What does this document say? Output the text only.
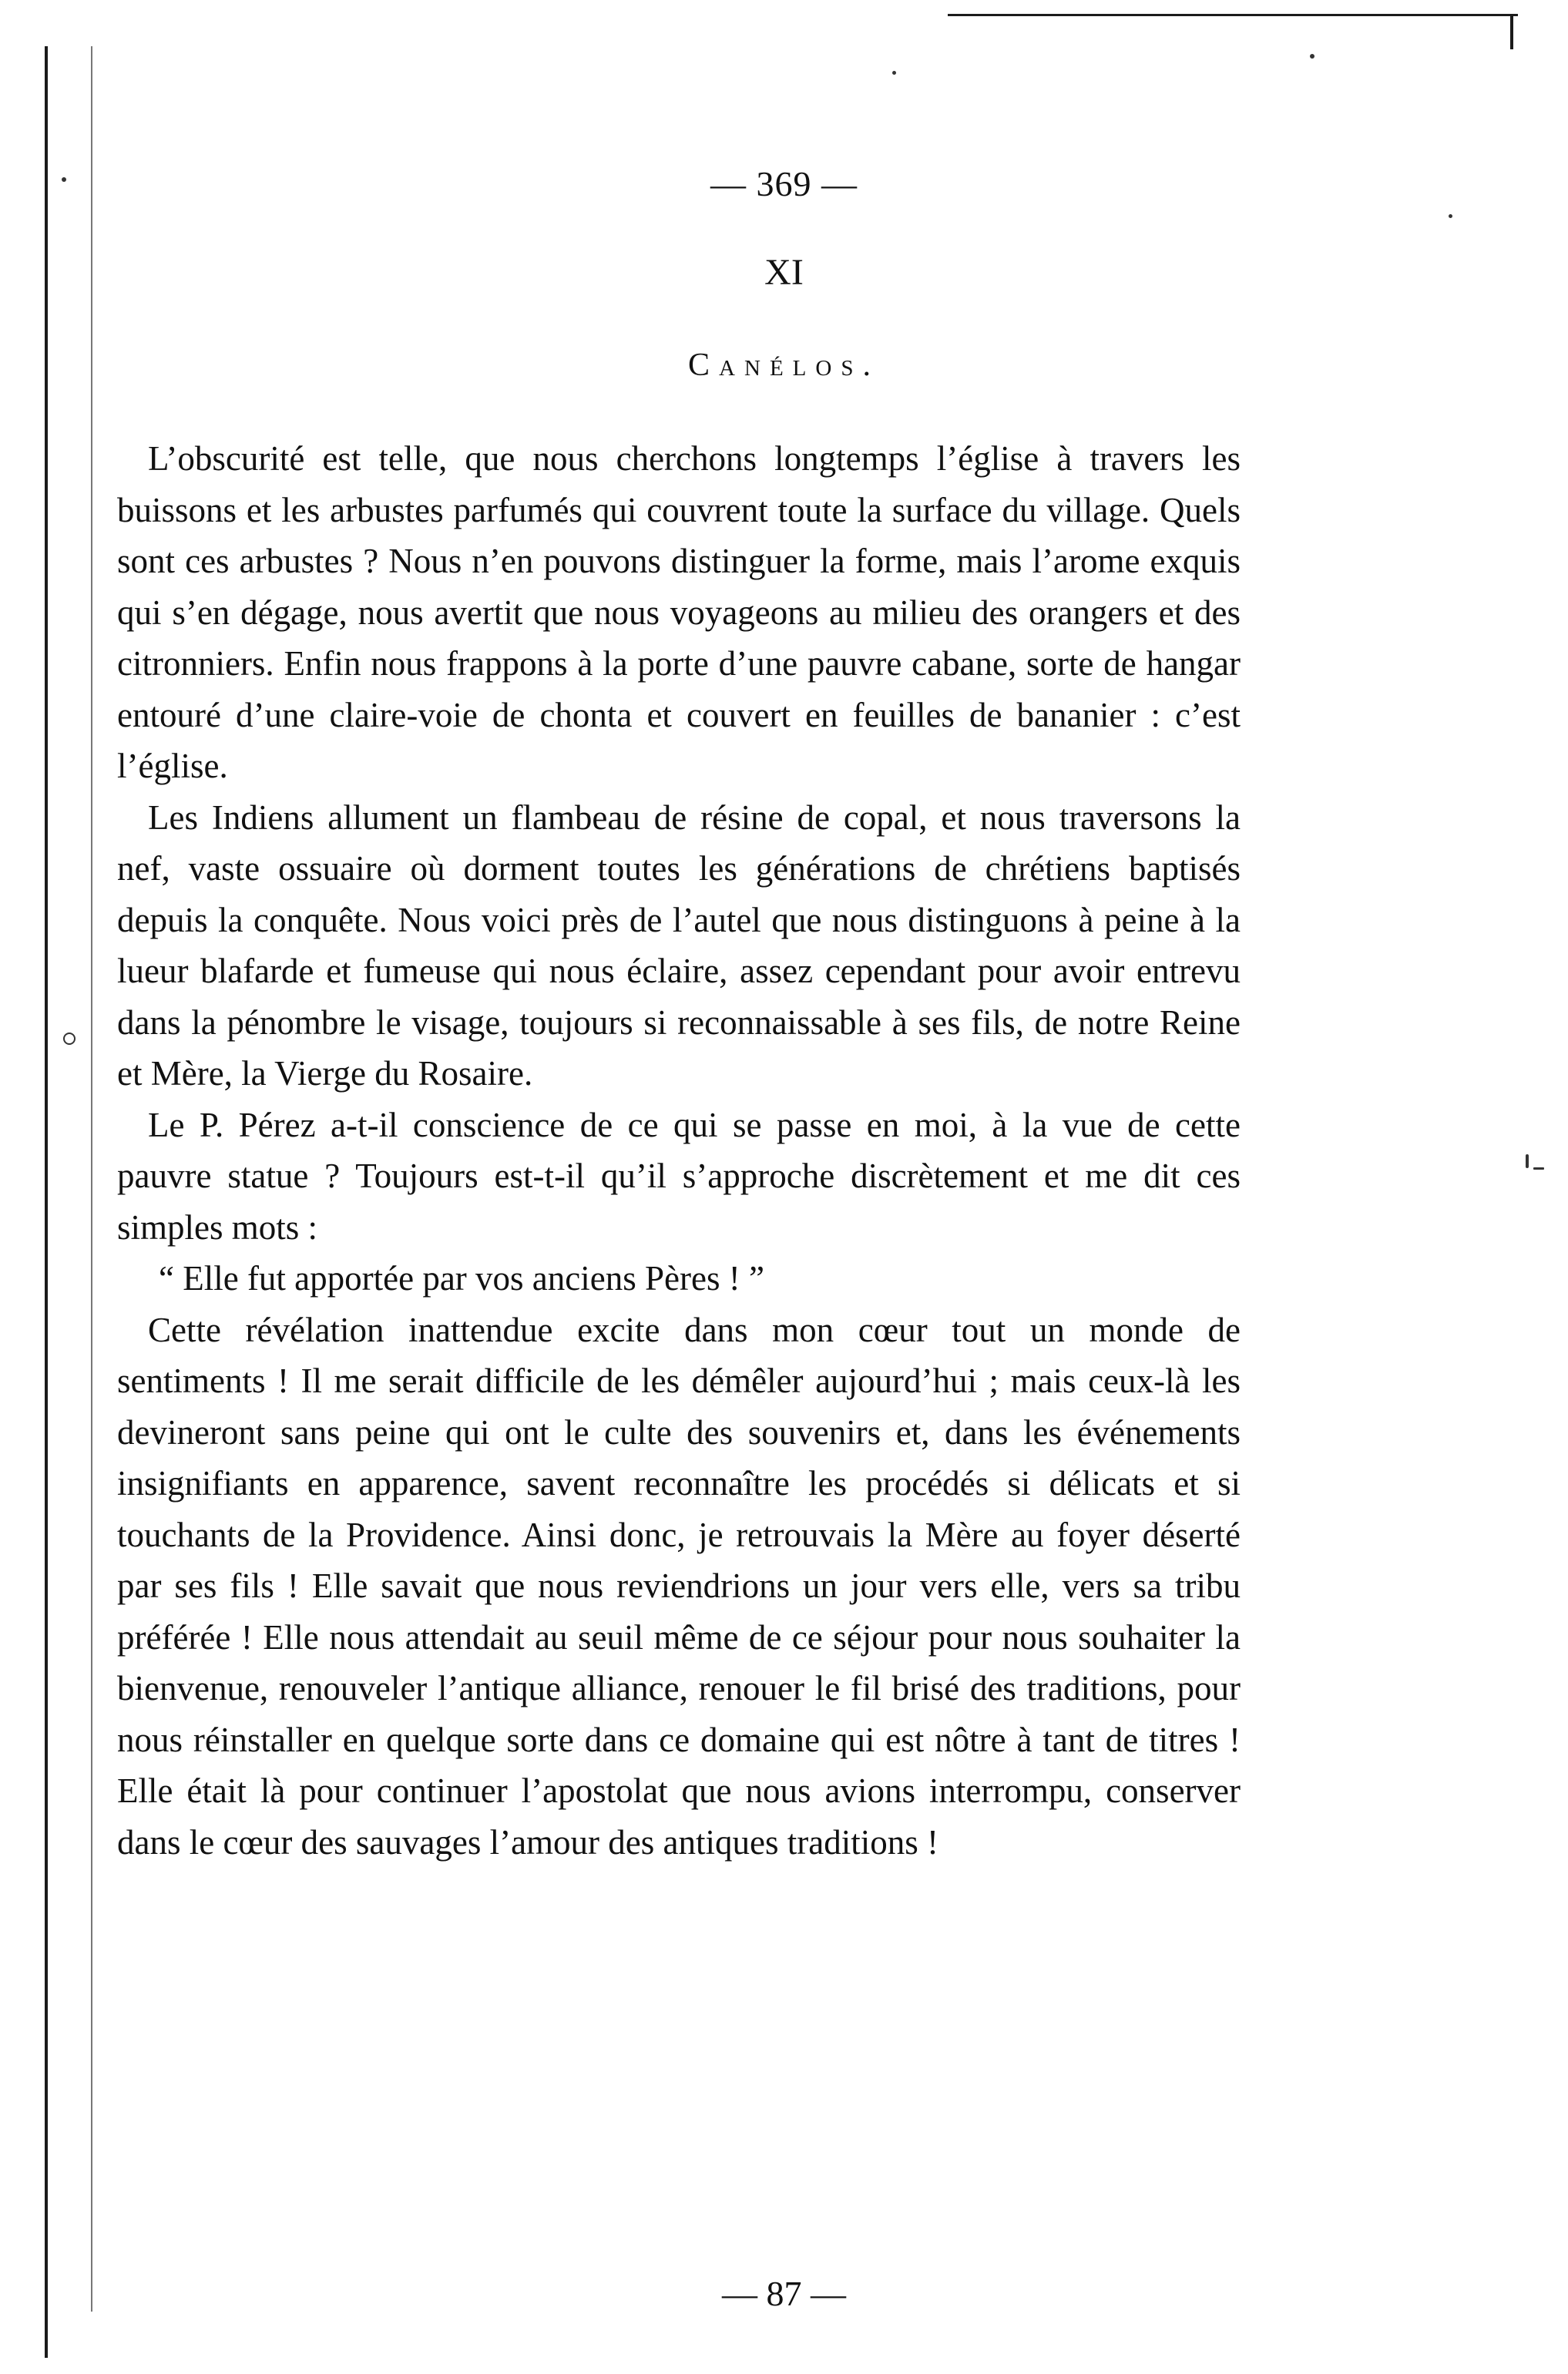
— 369 —
XI
Canélos.

L’obscurité est telle, que nous cherchons longtemps l’église à travers les buissons et les arbustes parfumés qui couvrent toute la surface du village. Quels sont ces arbustes ? Nous n’en pouvons distinguer la forme, mais l’arome exquis qui s’en dégage, nous avertit que nous voyageons au milieu des orangers et des citronniers. Enfin nous frappons à la porte d’une pauvre cabane, sorte de hangar entouré d’une claire-voie de chonta et couvert en feuilles de bananier : c’est l’église.

Les Indiens allument un flambeau de résine de copal, et nous traversons la nef, vaste ossuaire où dorment toutes les générations de chrétiens baptisés depuis la conquête. Nous voici près de l’autel que nous distinguons à peine à la lueur blafarde et fumeuse qui nous éclaire, assez cependant pour avoir entrevu dans la pénombre le visage, toujours si reconnaissable à ses fils, de notre Reine et Mère, la Vierge du Rosaire.

Le P. Pérez a-t-il conscience de ce qui se passe en moi, à la vue de cette pauvre statue ? Toujours est-t-il qu’il s’approche discrètement et me dit ces simples mots :

“ Elle fut apportée par vos anciens Pères ! ”

Cette révélation inattendue excite dans mon cœur tout un monde de sentiments ! Il me serait difficile de les démêler aujourd’hui ; mais ceux-là les devineront sans peine qui ont le culte des souvenirs et, dans les événements insignifiants en apparence, savent reconnaître les procédés si délicats et si touchants de la Providence. Ainsi donc, je retrouvais la Mère au foyer déserté par ses fils ! Elle savait que nous reviendrions un jour vers elle, vers sa tribu préférée ! Elle nous attendait au seuil même de ce séjour pour nous souhaiter la bienvenue, renouveler l’antique alliance, renouer le fil brisé des traditions, pour nous réinstaller en quelque sorte dans ce domaine qui est nôtre à tant de titres ! Elle était là pour continuer l’apostolat que nous avions interrompu, conserver dans le cœur des sauvages l’amour des antiques traditions !

— 87 —
